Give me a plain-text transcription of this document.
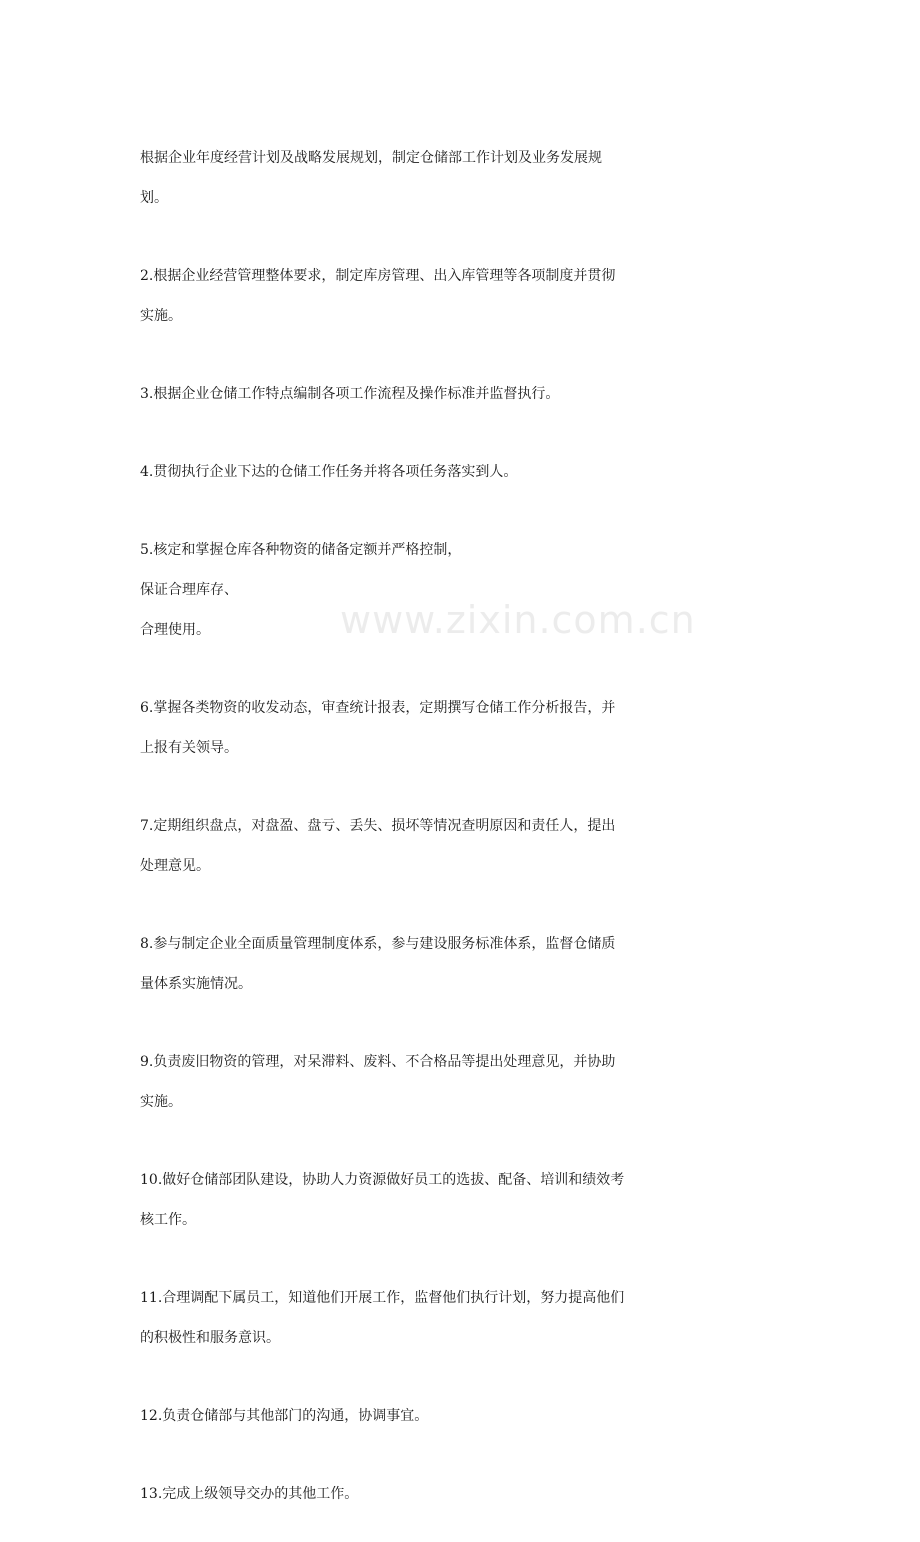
根据企业年度经营计划及战略发展规划，制定仓储部工作计划及业务发展规

划。

2.根据企业经营管理整体要求，制定库房管理、出入库管理等各项制度并贯彻

实施。

3.根据企业仓储工作特点编制各项工作流程及操作标准并监督执行。

4.贯彻执行企业下达的仓储工作任务并将各项任务落实到人。

5.核定和掌握仓库各种物资的储备定额并严格控制，

保证合理库存、

合理使用。

6.掌握各类物资的收发动态，审查统计报表，定期撰写仓储工作分析报告，并

上报有关领导。

7.定期组织盘点，对盘盈、盘亏、丢失、损坏等情况查明原因和责任人，提出

处理意见。

8.参与制定企业全面质量管理制度体系，参与建设服务标准体系，监督仓储质

量体系实施情况。

9.负责废旧物资的管理，对呆滞料、废料、不合格品等提出处理意见，并协助

实施。

10.做好仓储部团队建设，协助人力资源做好员工的选拔、配备、培训和绩效考

核工作。

11.合理调配下属员工，知道他们开展工作，监督他们执行计划，努力提高他们

的积极性和服务意识。

12.负责仓储部与其他部门的沟通，协调事宜。

13.完成上级领导交办的其他工作。

www.zixin.com.cn
